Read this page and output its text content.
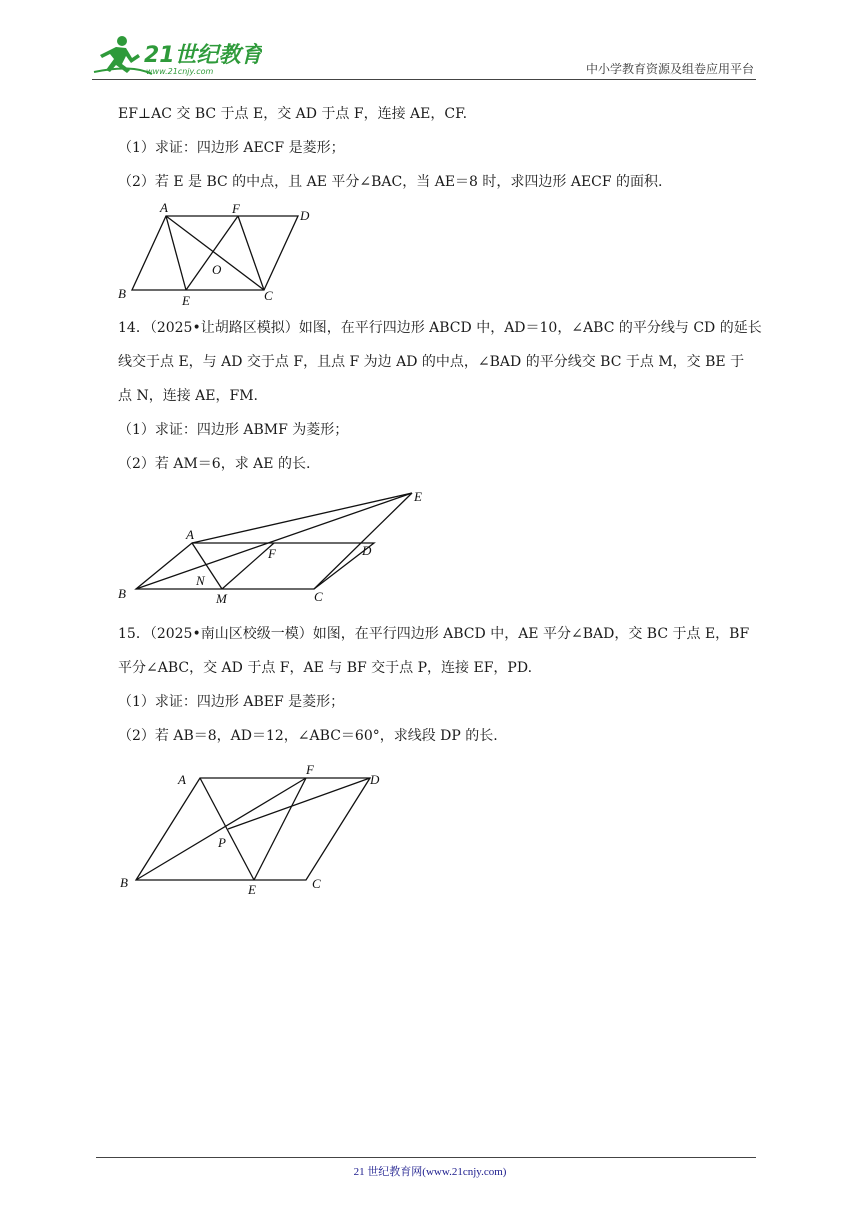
21世纪教育
www.21cnjy.com	中小学教育资源及组卷应用平台
EF⊥AC 交 BC 于点 E，交 AD 于点 F，连接 AE，CF.
（1）求证：四边形 AECF 是菱形；
（2）若 E 是 BC 的中点，且 AE 平分∠BAC，当 AE＝8 时，求四边形 AECF 的面积.
A	F	D
O
B	E	C
14．（2025•让胡路区模拟）如图，在平行四边形 ABCD 中，AD＝10，∠ABC 的平分线与 CD 的延长
线交于点 E，与 AD 交于点 F，且点 F 为边 AD 的中点，∠BAD 的平分线交 BC 于点 M，交 BE 于
点 N，连接 AE，FM.
（1）求证：四边形 ABMF 为菱形；
（2）若 AM＝6，求 AE 的长.
A
F	D
E
B
N
M	C
15．（2025•南山区校级一模）如图，在平行四边形 ABCD 中，AE 平分∠BAD，交 BC 于点 E，BF
平分∠ABC，交 AD 于点 F，AE 与 BF 交于点 P，连接 EF，PD.
（1）求证：四边形 ABEF 是菱形；
（2）若 AB＝8，AD＝12，∠ABC＝60°，求线段 DP 的长.
A
F
D
P
B	E	C
21 世纪教育网(www.21cnjy.com)
